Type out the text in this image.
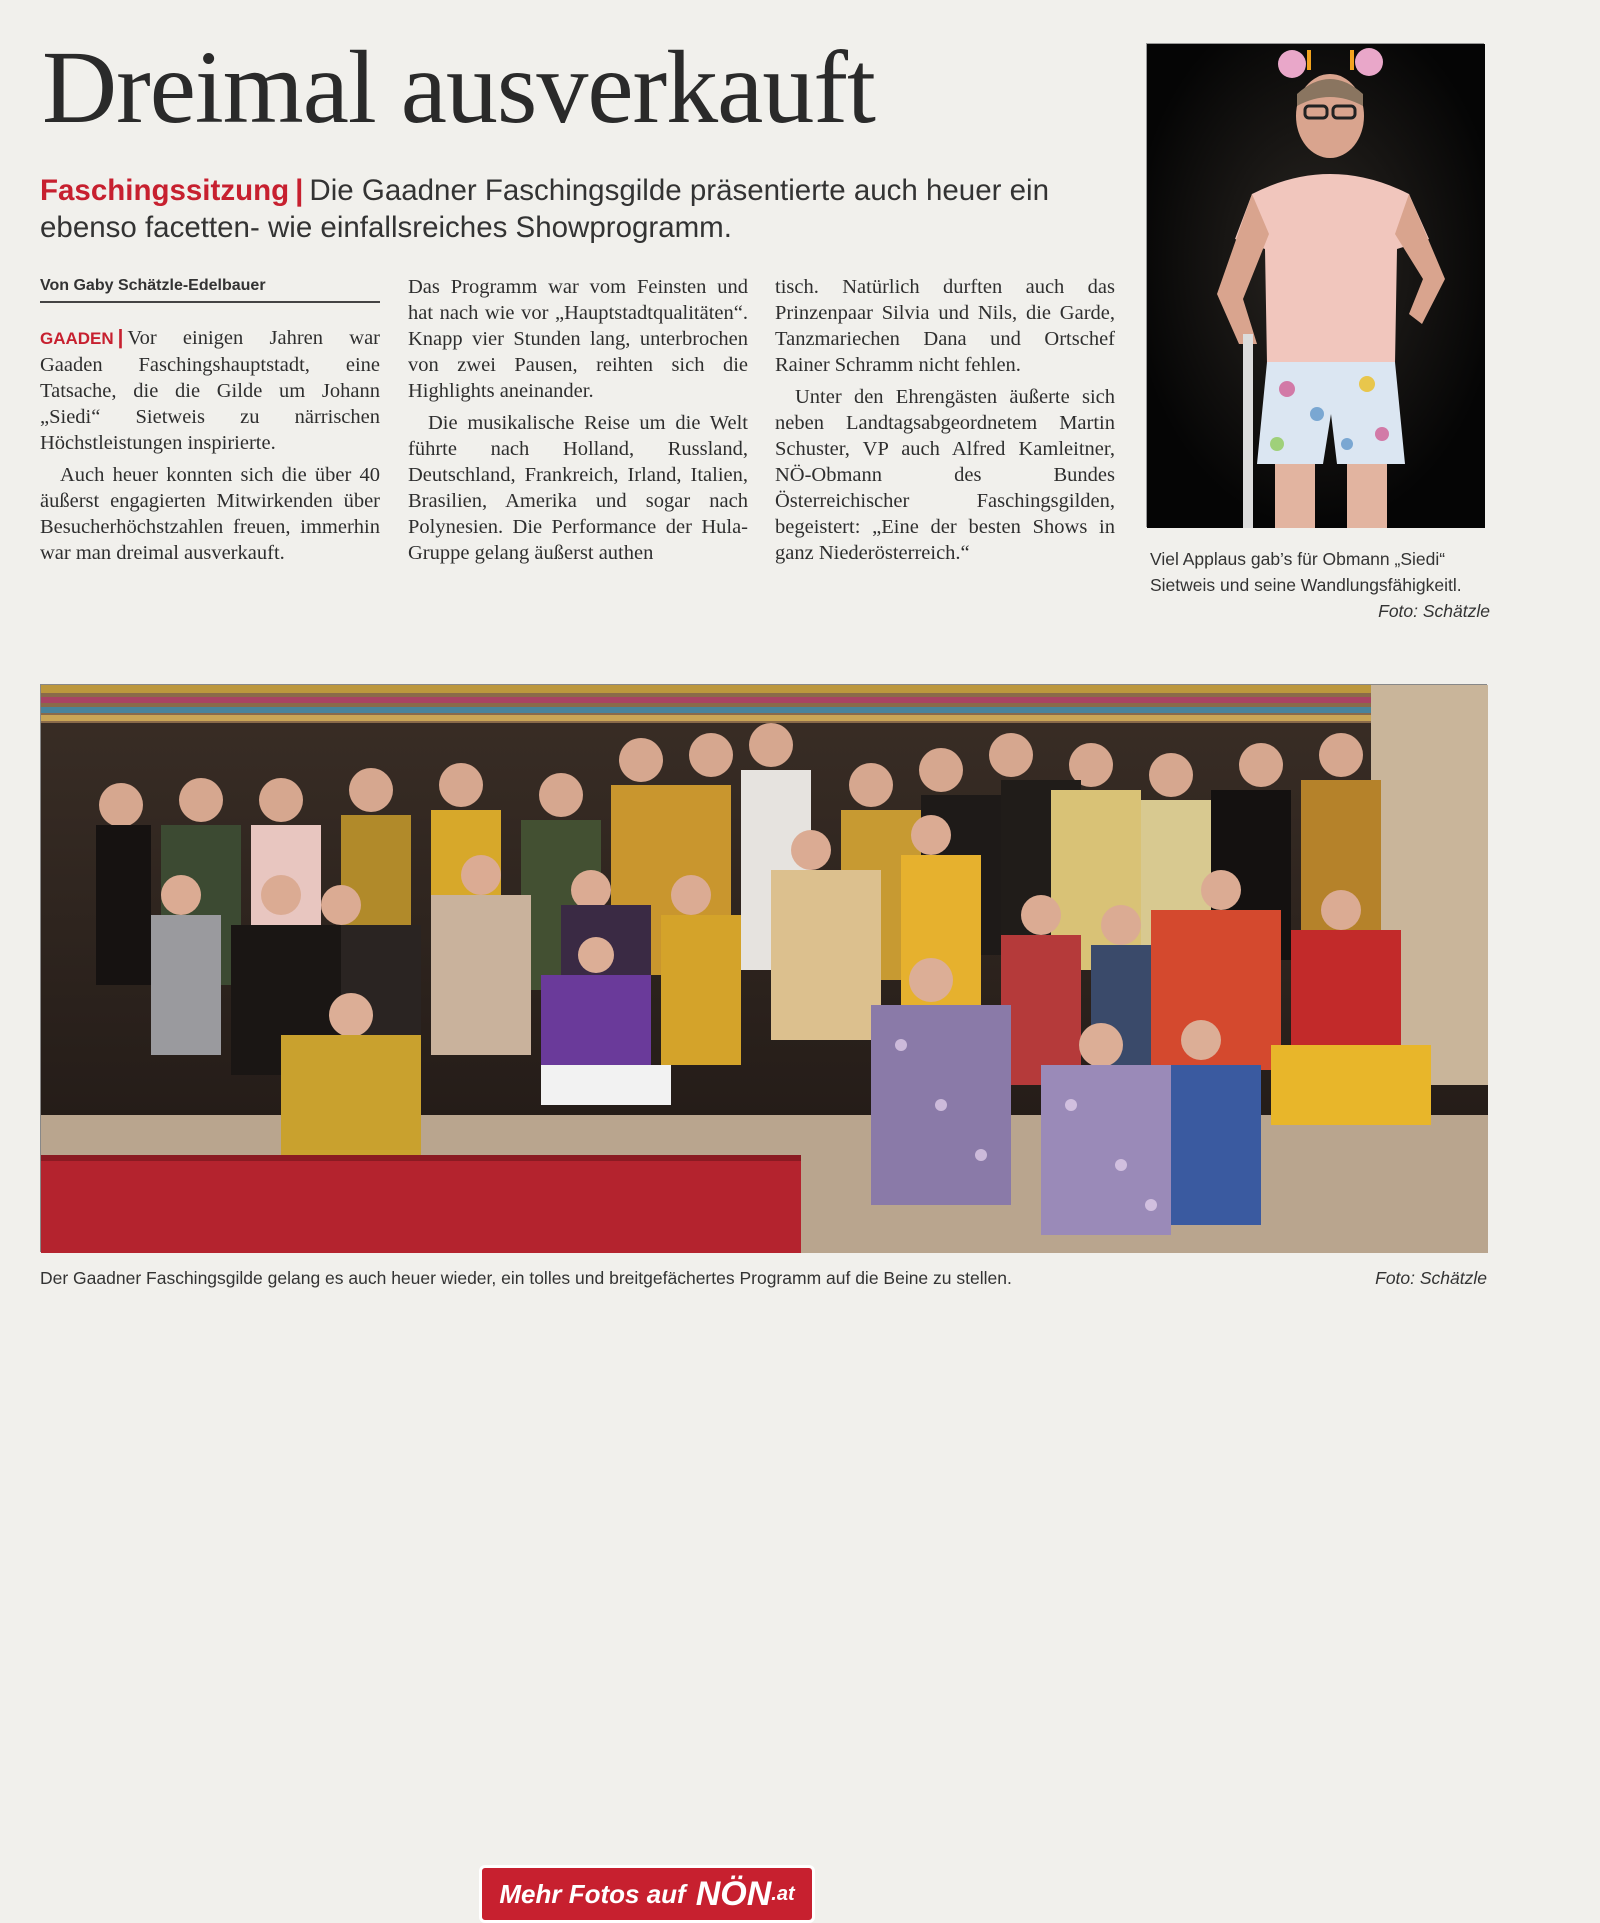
Dreimal ausverkauft
Faschingssitzung | Die Gaadner Faschingsgilde präsentierte auch heuer ein ebenso facetten- wie einfallsreiches Showprogramm.
Von Gaby Schätzle-Edelbauer

GAADEN | Vor einigen Jahren war Gaaden Faschingshauptstadt, eine Tatsache, die die Gilde um Johann „Siedi“ Sietweis zu närrischen Höchstleistungen inspirierte.

Auch heuer konnten sich die über 40 äußerst engagierten Mitwirkenden über Besucherhöchstzahlen freuen, immerhin war man dreimal ausverkauft.

Das Programm war vom Feinsten und hat nach wie vor „Hauptstadtqualitäten“. Knapp vier Stunden lang, unterbrochen von zwei Pausen, reihten sich die Highlights aneinander.

Die musikalische Reise um die Welt führte nach Holland, Russland, Deutschland, Frankreich, Irland, Italien, Brasilien, Amerika und sogar nach Polynesien. Die Performance der Hula-Gruppe gelang äußerst authen

tisch. Natürlich durften auch das Prinzenpaar Silvia und Nils, die Garde, Tanzmariechen Dana und Ortschef Rainer Schramm nicht fehlen.

Unter den Ehrengästen äußerte sich neben Landtagsabgeordnetem Martin Schuster, VP auch Alfred Kamleitner, NÖ-Obmann des Bundes Österreichischer Faschingsgilden, begeistert: „Eine der besten Shows in ganz Niederösterreich.“	Viel Applaus gab’s für Obmann „Siedi“ Sietweis und seine Wandlungsfähigkeitl.
Foto: Schätzle
Mehr Fotos auf NÖN .at
Der Gaadner Faschingsgilde gelang es auch heuer wieder, ein tolles und breitgefächertes Programm auf die Beine zu stellen.	Foto: Schätzle
